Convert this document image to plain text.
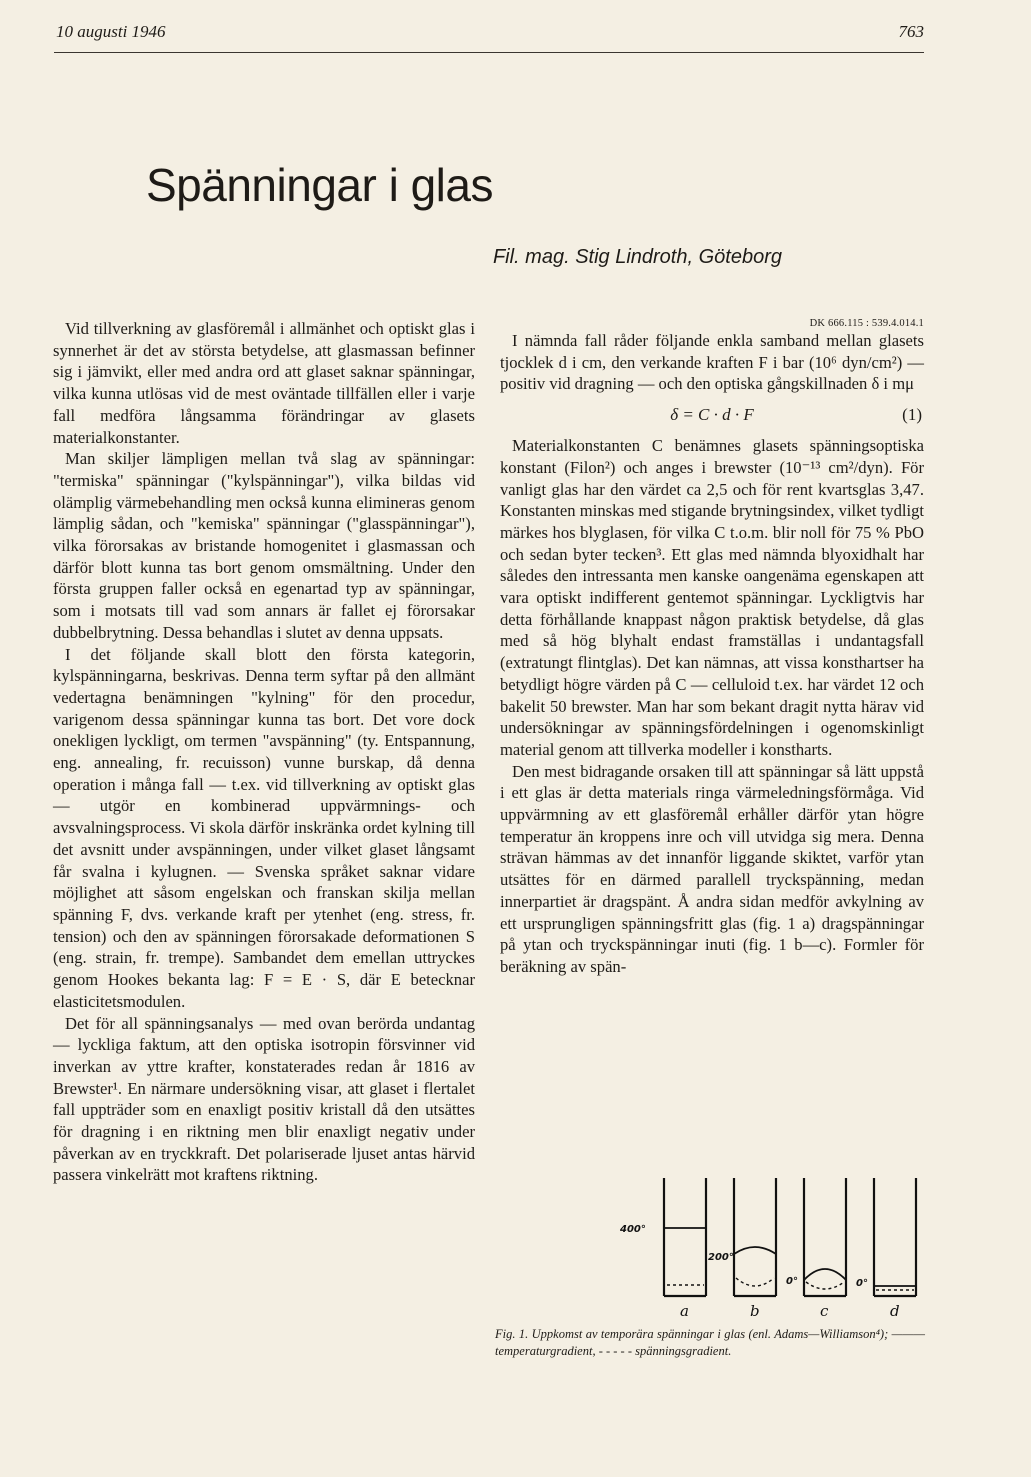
10 augusti 1946	763
Spänningar i glas
Fil. mag. Stig Lindroth, Göteborg

Vid tillverkning av glasföremål i allmänhet och optiskt glas i synnerhet är det av största betydelse, att glasmassan befinner sig i jämvikt, eller med andra ord att glaset saknar spänningar, vilka kunna utlösas vid de mest oväntade tillfällen eller i varje fall medföra långsamma förändringar av glasets materialkonstanter.

Man skiljer lämpligen mellan två slag av spänningar: "termiska" spänningar ("kylspänningar"), vilka bildas vid olämplig värmebehandling men också kunna elimineras genom lämplig sådan, och "kemiska" spänningar ("glasspänningar"), vilka förorsakas av bristande homogenitet i glasmassan och därför blott kunna tas bort genom omsmältning. Under den första gruppen faller också en egenartad typ av spänningar, som i motsats till vad som annars är fallet ej förorsakar dubbelbrytning. Dessa behandlas i slutet av denna uppsats.

I det följande skall blott den första kategorin, kylspänningarna, beskrivas. Denna term syftar på den allmänt vedertagna benämningen "kylning" för den procedur, varigenom dessa spänningar kunna tas bort. Det vore dock onekligen lyckligt, om termen "avspänning" (ty. Entspannung, eng. annealing, fr. recuisson) vunne burskap, då denna operation i många fall — t.ex. vid tillverkning av optiskt glas — utgör en kombinerad uppvärmnings- och avsvalningsprocess. Vi skola därför inskränka ordet kylning till det avsnitt under avspänningen, under vilket glaset långsamt får svalna i kylugnen. — Svenska språket saknar vidare möjlighet att såsom engelskan och franskan skilja mellan spänning F, dvs. verkande kraft per ytenhet (eng. stress, fr. tension) och den av spänningen förorsakade deformationen S (eng. strain, fr. trempe). Sambandet dem emellan uttryckes genom Hookes bekanta lag: F = E · S, där E betecknar elasticitetsmodulen.

Det för all spänningsanalys — med ovan berörda undantag — lyckliga faktum, att den optiska isotropin försvinner vid inverkan av yttre krafter, konstaterades redan år 1816 av Brewster¹. En närmare undersökning visar, att glaset i flertalet fall uppträder som en enaxligt positiv kristall då den utsättes för dragning i en riktning men blir enaxligt negativ under påverkan av en tryckkraft. Det polariserade ljuset antas härvid passera vinkelrätt mot kraftens riktning.

DK 666.115 : 539.4.014.1

I nämnda fall råder följande enkla samband mellan glasets tjocklek d i cm, den verkande kraften F i bar (10⁶ dyn/cm²) — positiv vid dragning — och den optiska gångskillnaden δ i mμ

δ = C · d · F	(1)

Materialkonstanten C benämnes glasets spänningsoptiska konstant (Filon²) och anges i brewster (10⁻¹³ cm²/dyn). För vanligt glas har den värdet ca 2,5 och för rent kvartsglas 3,47. Konstanten minskas med stigande brytningsindex, vilket tydligt märkes hos blyglasen, för vilka C t.o.m. blir noll för 75 % PbO och sedan byter tecken³. Ett glas med nämnda blyoxidhalt har således den intressanta men kanske oangenäma egenskapen att vara optiskt indifferent gentemot spänningar. Lyckligtvis har detta förhållande knappast någon praktisk betydelse, då glas med så hög blyhalt endast framställas i undantagsfall (extratungt flintglas). Det kan nämnas, att vissa konsthartser ha betydligt högre värden på C — celluloid t.ex. har värdet 12 och bakelit 50 brewster. Man har som bekant dragit nytta härav vid undersökningar av spänningsfördelningen i ogenomskinligt material genom att tillverka modeller i konstharts.

Den mest bidragande orsaken till att spänningar så lätt uppstå i ett glas är detta materials ringa värmeledningsförmåga. Vid uppvärmning av ett glasföremål erhåller därför ytan högre temperatur än kroppens inre och vill utvidga sig mera. Denna strävan hämmas av det innanför liggande skiktet, varför ytan utsättes för en därmed parallell tryckspänning, medan innerpartiet är dragspänt. Å andra sidan medför avkylning av ett ursprungligen spänningsfritt glas (fig. 1 a) dragspänningar på ytan och tryckspänningar inuti (fig. 1 b—c). Formler för beräkning av spän-

400°
a
200°
b
0°
c
0°
d
Fig. 1. Uppkomst av temporära spänningar i glas (enl. Adams—Williamson⁴); ——— temperaturgradient, - - - - - spänningsgradient.
